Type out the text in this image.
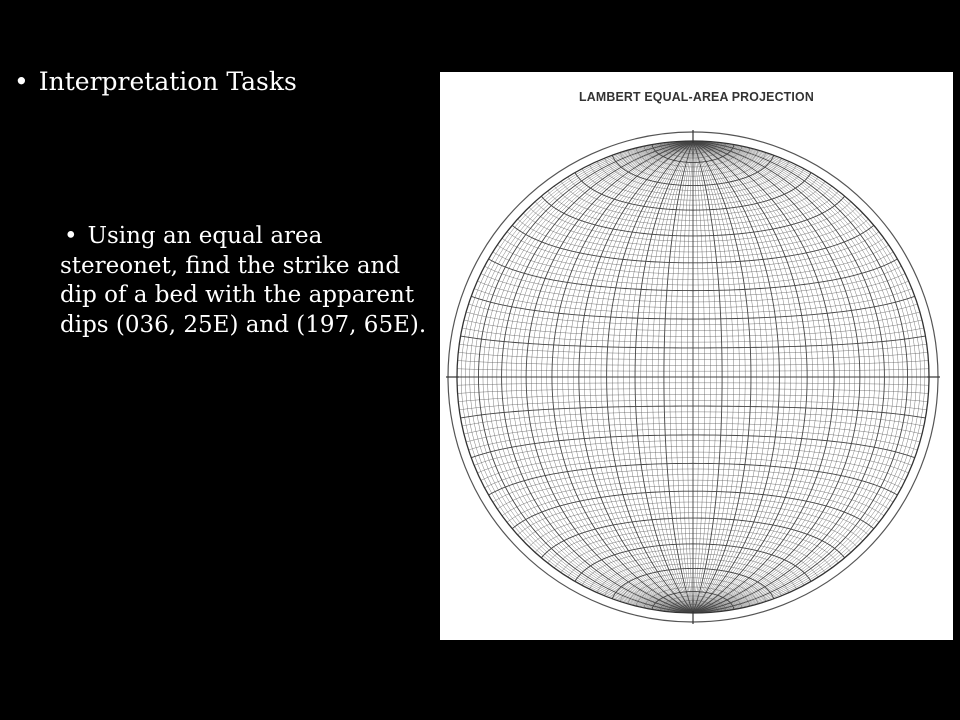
• Interpretation Tasks
• Using an equal area stereonet, find the strike and dip of a bed with the apparent dips (036, 25E) and (197, 65E).
LAMBERT EQUAL-AREA PROJECTION
